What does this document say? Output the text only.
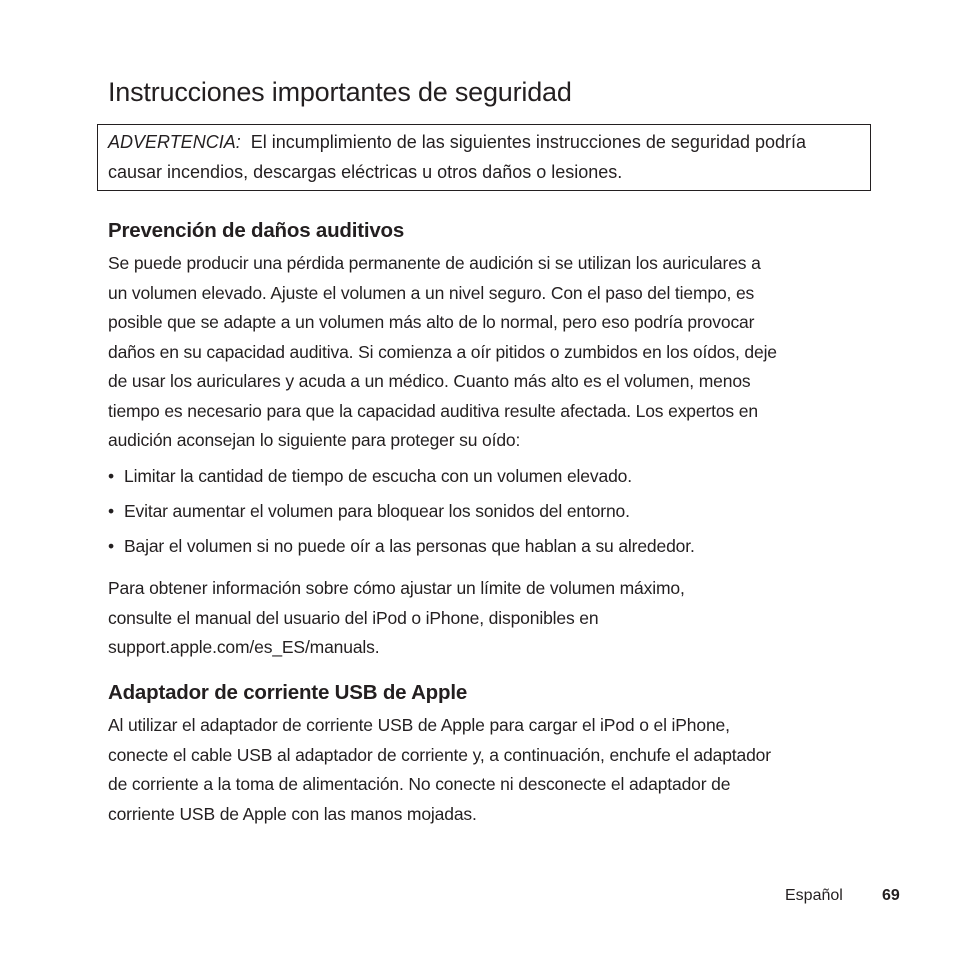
Instrucciones importantes de seguridad
ADVERTENCIA: El incumplimiento de las siguientes instrucciones de seguridad podría
causar incendios, descargas eléctricas u otros daños o lesiones.
Prevención de daños auditivos

Se puede producir una pérdida permanente de audición si se utilizan los auriculares a
un volumen elevado. Ajuste el volumen a un nivel seguro. Con el paso del tiempo, es
posible que se adapte a un volumen más alto de lo normal, pero eso podría provocar
daños en su capacidad auditiva. Si comienza a oír pitidos o zumbidos en los oídos, deje
de usar los auriculares y acuda a un médico. Cuanto más alto es el volumen, menos
tiempo es necesario para que la capacidad auditiva resulte afectada. Los expertos en
audición aconsejan lo siguiente para proteger su oído:

• Limitar la cantidad de tiempo de escucha con un volumen elevado.
• Evitar aumentar el volumen para bloquear los sonidos del entorno.
• Bajar el volumen si no puede oír a las personas que hablan a su alrededor.

Para obtener información sobre cómo ajustar un límite de volumen máximo,
consulte el manual del usuario del iPod o iPhone, disponibles en
support.apple.com/es_ES/manuals.

Adaptador de corriente USB de Apple

Al utilizar el adaptador de corriente USB de Apple para cargar el iPod o el iPhone,
conecte el cable USB al adaptador de corriente y, a continuación, enchufe el adaptador
de corriente a la toma de alimentación. No conecte ni desconecte el adaptador de
corriente USB de Apple con las manos mojadas.

Español 69
